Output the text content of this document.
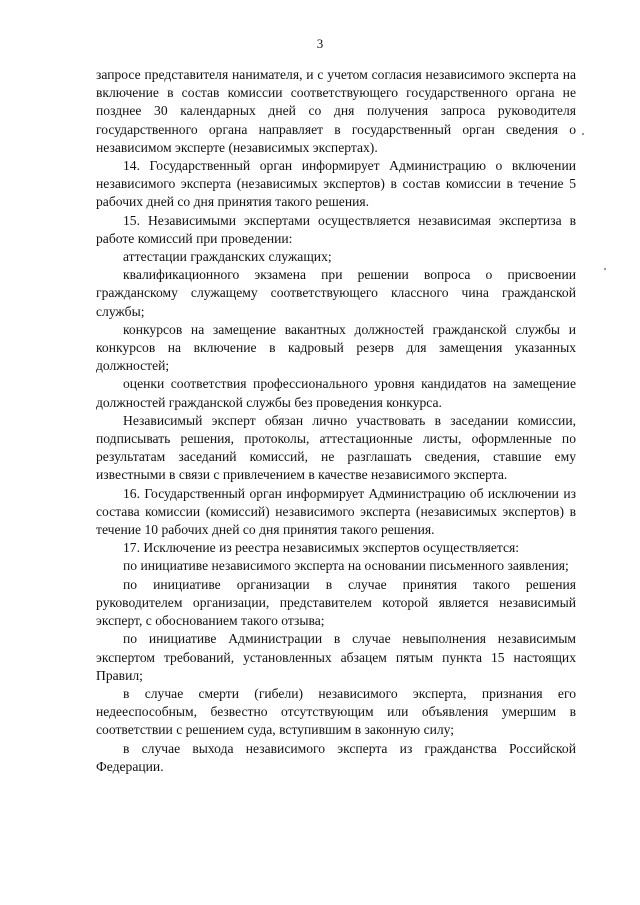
3

запросе представителя нанимателя, и с учетом согласия независимого эксперта на включение в состав комиссии соответствующего государственного органа не позднее 30 календарных дней со дня получения запроса руководителя государственного органа направляет в государственный орган сведения о независимом эксперте (независимых экспертах).

14. Государственный орган информирует Администрацию о включении независимого эксперта (независимых экспертов) в состав комиссии в течение 5 рабочих дней со дня принятия такого решения.

15. Независимыми экспертами осуществляется независимая экспертиза в работе комиссий при проведении:

аттестации гражданских служащих;

квалификационного экзамена при решении вопроса о присвоении гражданскому служащему соответствующего классного чина гражданской службы;

конкурсов на замещение вакантных должностей гражданской службы и конкурсов на включение в кадровый резерв для замещения указанных должностей;

оценки соответствия профессионального уровня кандидатов на замещение должностей гражданской службы без проведения конкурса.

Независимый эксперт обязан лично участвовать в заседании комиссии, подписывать решения, протоколы, аттестационные листы, оформленные по результатам заседаний комиссий, не разглашать сведения, ставшие ему известными в связи с привлечением в качестве независимого эксперта.

16. Государственный орган информирует Администрацию об исключении из состава комиссии (комиссий) независимого эксперта (независимых экспертов) в течение 10 рабочих дней со дня принятия такого решения.

17. Исключение из реестра независимых экспертов осуществляется:

по инициативе независимого эксперта на основании письменного заявления;

по инициативе организации в случае принятия такого решения руководителем организации, представителем которой является независимый эксперт, с обоснованием такого отзыва;

по инициативе Администрации в случае невыполнения независимым экспертом требований, установленных абзацем пятым пункта 15 настоящих Правил;

в случае смерти (гибели) независимого эксперта, признания его недееспособным, безвестно отсутствующим или объявления умершим в соответствии с решением суда, вступившим в законную силу;

в случае выхода независимого эксперта из гражданства Российской Федерации.
